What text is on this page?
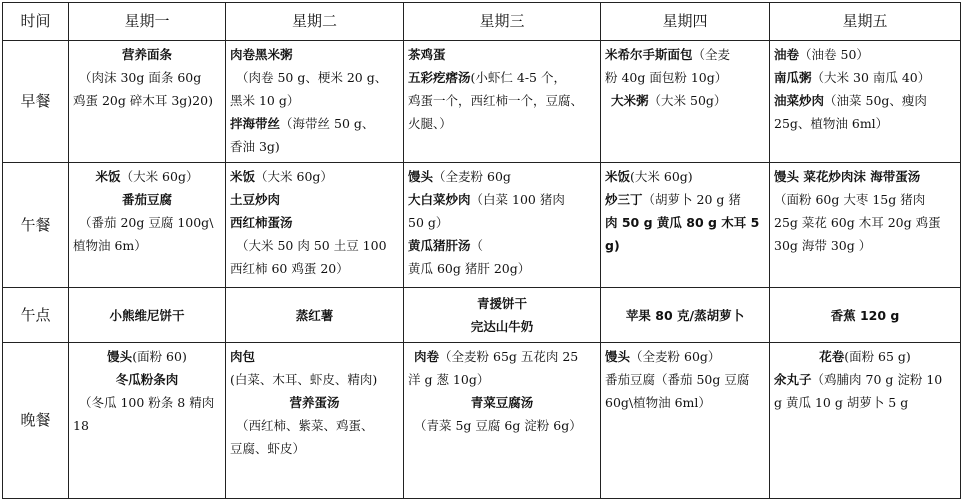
时间	星期一	星期二	星期三	星期四	星期五
早餐	营养面条
（肉沫 30g 面条 60g
鸡蛋 20g 碎木耳 3g)20)	肉卷黑米粥
（肉卷 50 g、梗米 20 g、
黑米 10 g）
拌海带丝（海带丝 50 g、
香油 3g)	茶鸡蛋
五彩疙瘩汤(小虾仁 4-5 个，
鸡蛋一个，西红柿一个，豆腐、
火腿、）	米希尔手斯面包（全麦
粉 40g 面包粉 10g）
大米粥（大米 50g）	油卷（油卷 50）
南瓜粥（大米 30 南瓜 40）
油菜炒肉（油菜 50g、瘦肉
25g、植物油 6ml）

午餐	米饭（大米 60g）
番茄豆腐
（番茄 20g 豆腐 100g\
植物油 6m）	米饭（大米 60g）
土豆炒肉
西红柿蛋汤
（大米 50 肉 50 土豆 100
西红柿 60 鸡蛋 20）	馒头（全麦粉 60g
大白菜炒肉（白菜 100 猪肉
50 g）
黄瓜猪肝汤（
黄瓜 60g 猪肝 20g）	米饭(大米 60g)
炒三丁（胡萝卜 20 g 猪
肉 50 g 黄瓜 80 g 木耳 5
g)	馒头 菜花炒肉沫 海带蛋汤
（面粉 60g 大枣 15g 猪肉
25g 菜花 60g 木耳 20g 鸡蛋
30g 海带 30g ）

午点	小熊维尼饼干	蒸红薯	青援饼干
完达山牛奶	苹果 80 克/蒸胡萝卜	香蕉 120 g
晚餐	馒头(面粉 60)
冬瓜粉条肉
（冬瓜 100 粉条 8 精肉
18	肉包
(白菜、木耳、虾皮、精肉)
营养蛋汤
（西红柿、紫菜、鸡蛋、
豆腐、虾皮）	肉卷（全麦粉 65g 五花肉 25
洋 g 葱 10g）
青菜豆腐汤
（青菜 5g 豆腐 6g 淀粉 6g）	馒头（全麦粉 60g）
番茄豆腐（番茄 50g 豆腐
60g\植物油 6ml）	花卷(面粉 65 g)
氽丸子（鸡脯肉 70 g 淀粉 10
g 黄瓜 10 g 胡萝卜 5 g
